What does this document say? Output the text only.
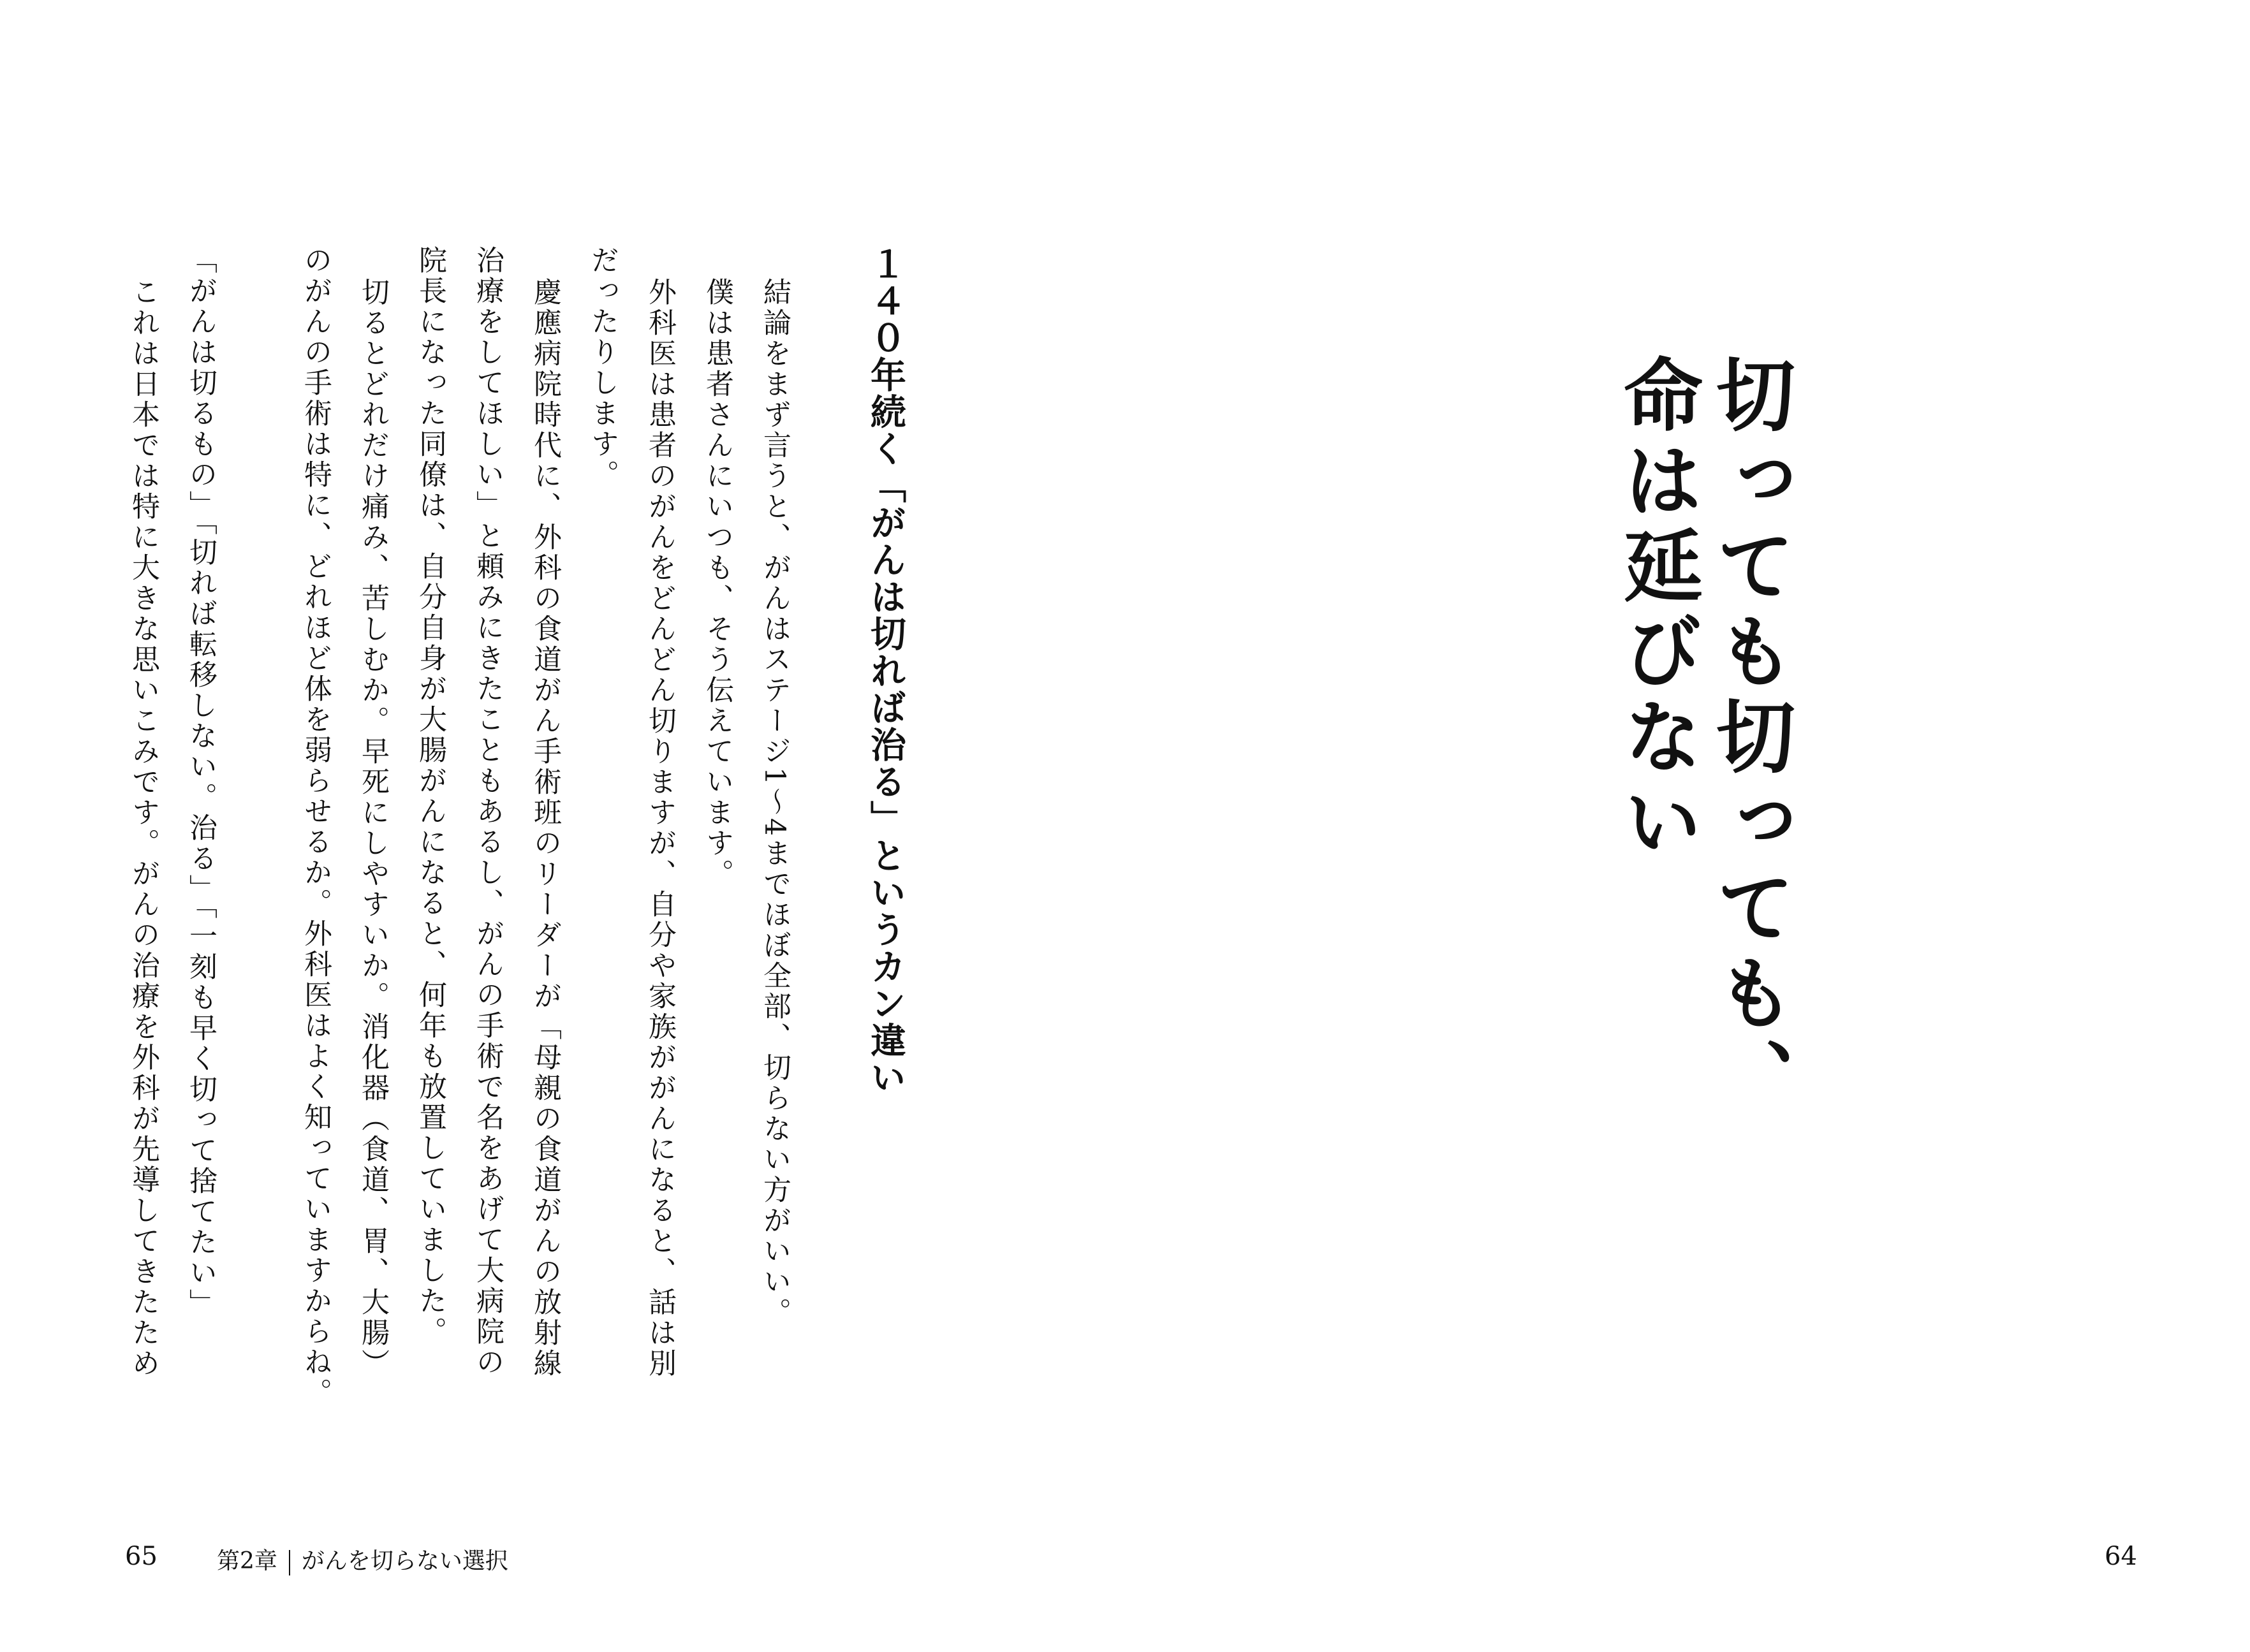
切っても切っても、
命は延びない
64
１４０年続く「がんは切れば治る」というカン違い
結論をまず言うと、がんはステージ1〜4までほぼ全部、切らない方がいい。
僕は患者さんにいつも、そう伝えています。
外科医は患者のがんをどんどん切りますが、自分や家族ががんになると、話は別
だったりします。
慶應病院時代に、外科の食道がん手術班のリーダーが「母親の食道がんの放射線
治療をしてほしい」と頼みにきたこともあるし、がんの手術で名をあげて大病院の
院長になった同僚は、自分自身が大腸がんになると、何年も放置していました。
切るとどれだけ痛み、苦しむか。早死にしやすいか。消化器（食道、胃、大腸）
のがんの手術は特に、どれほど体を弱らせるか。外科医はよく知っていますからね。
「がんは切るもの」「切れば転移しない。治る」「一刻も早く切って捨てたい」
これは日本では特に大きな思いこみです。がんの治療を外科が先導してきたため
65	第2章 がんを切らない選択
